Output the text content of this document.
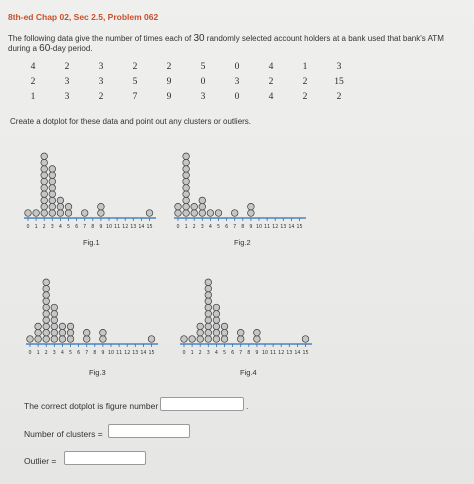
8th-ed Chap 02, Sec 2.5, Problem 062
The following data give the number of times each of 30 randomly selected account holders at a bank used that bank's ATM during a 60-day period.
4	2	3	2	2	5	0	4	1	3
2	3	3	5	9	0	3	2	2	15
1	3	2	7	9	3	0	4	2	2
Create a dotplot for these data and point out any clusters or outliers.
0 1 2 3 4 5 6 7 8 9 10 11 12 13 14 15
Fig.1
0 1 2 3 4 5 6 7 8 9 10 11 12 13 14 15
Fig.2
0 1 2 3 4 5 6 7 8 9 10 11 12 13 14 15
Fig.3
0 1 2 3 4 5 6 7 8 9 10 11 12 13 14 15
Fig.4
The correct dotplot is figure number	.
Number of clusters =
Outlier =
